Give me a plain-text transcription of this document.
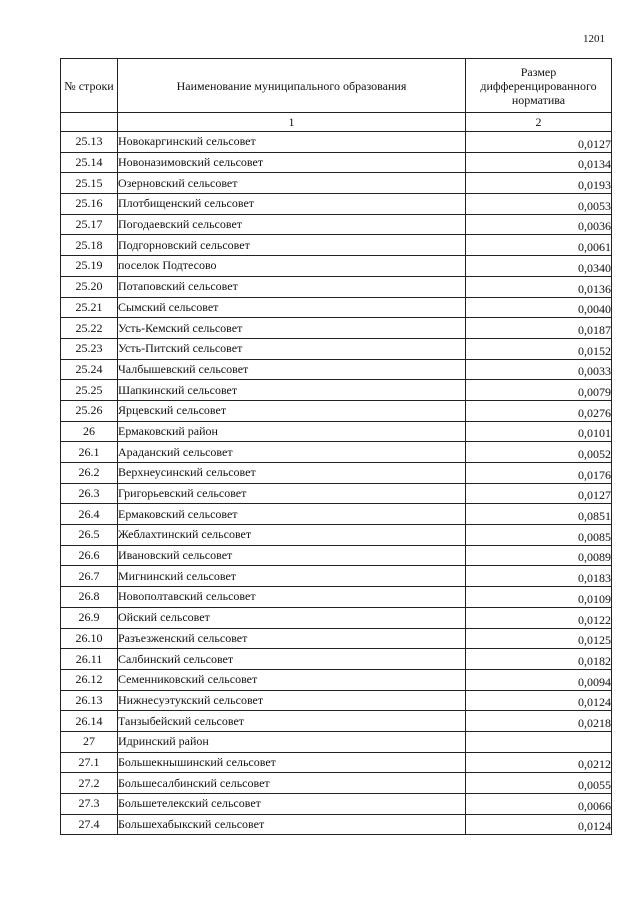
1201
№ строки	Наименование муниципального образования	Размер дифференцированного норматива
	1	2
25.13	Новокаргинский сельсовет	0,0127
25.14	Новоназимовский сельсовет	0,0134
25.15	Озерновский сельсовет	0,0193
25.16	Плотбищенский сельсовет	0,0053
25.17	Погодаевский сельсовет	0,0036
25.18	Подгорновский сельсовет	0,0061
25.19	поселок Подтесово	0,0340
25.20	Потаповский сельсовет	0,0136
25.21	Сымский сельсовет	0,0040
25.22	Усть-Кемский сельсовет	0,0187
25.23	Усть-Питский сельсовет	0,0152
25.24	Чалбышевский сельсовет	0,0033
25.25	Шапкинский сельсовет	0,0079
25.26	Ярцевский сельсовет	0,0276
26	Ермаковский район	0,0101
26.1	Араданский сельсовет	0,0052
26.2	Верхнеусинский сельсовет	0,0176
26.3	Григорьевский сельсовет	0,0127
26.4	Ермаковский сельсовет	0,0851
26.5	Жеблахтинский сельсовет	0,0085
26.6	Ивановский сельсовет	0,0089
26.7	Мигнинский сельсовет	0,0183
26.8	Новополтавский сельсовет	0,0109
26.9	Ойский сельсовет	0,0122
26.10	Разъезженский сельсовет	0,0125
26.11	Салбинский сельсовет	0,0182
26.12	Семенниковский сельсовет	0,0094
26.13	Нижнесуэтукский сельсовет	0,0124
26.14	Танзыбейский сельсовет	0,0218
27	Идринский район	
27.1	Большекнышинский сельсовет	0,0212
27.2	Большесалбинский сельсовет	0,0055
27.3	Большетелекский сельсовет	0,0066
27.4	Большехабыкский сельсовет	0,0124
